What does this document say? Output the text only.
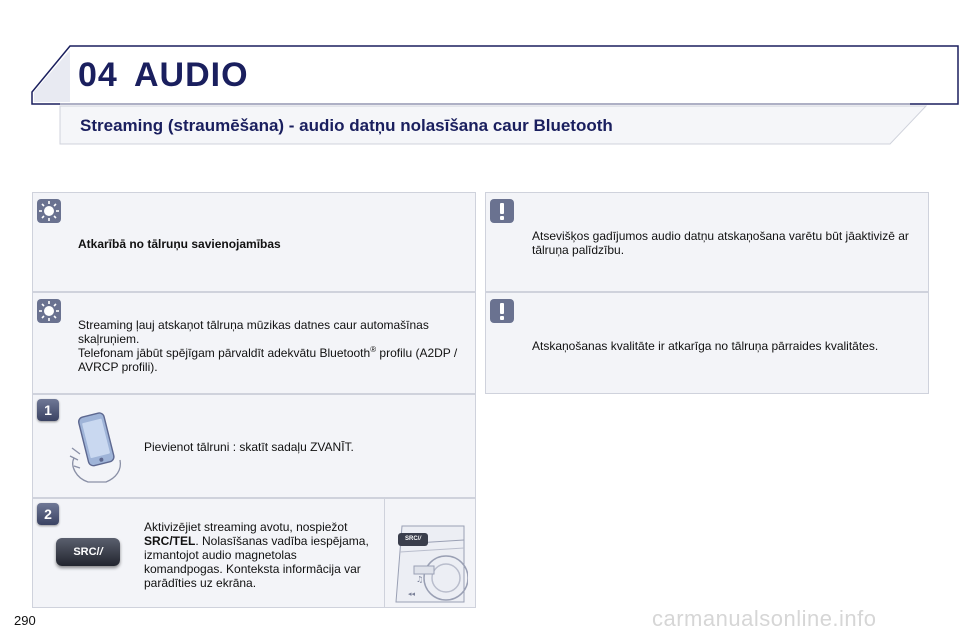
04 AUDIO
Streaming (straumēšana) - audio datņu nolasīšana caur Bluetooth
Atkarībā no tālruņu savienojamības
Streaming ļauj atskaņot tālruņa mūzikas datnes caur automašīnas skaļruņiem.
Telefonam jābūt spējīgam pārvaldīt adekvātu Bluetooth® profilu (A2DP / AVRCP profili).
1
Pievienot tālruni : skatīt sadaļu ZVANĪT.
2
SRC//
Aktivizējiet streaming avotu, nospiežot SRC/TEL. Nolasīšanas vadība iespējama, izmantojot audio magnetolas komandpogas. Konteksta informācija var parādīties uz ekrāna.
◂◂
♫
SRC//
Atsevišķos gadījumos audio datņu atskaņošana varētu būt jāaktivizē ar tālruņa palīdzību.
Atskaņošanas kvalitāte ir atkarīga no tālruņa pārraides kvalitātes.
290	carmanualsonline.info
